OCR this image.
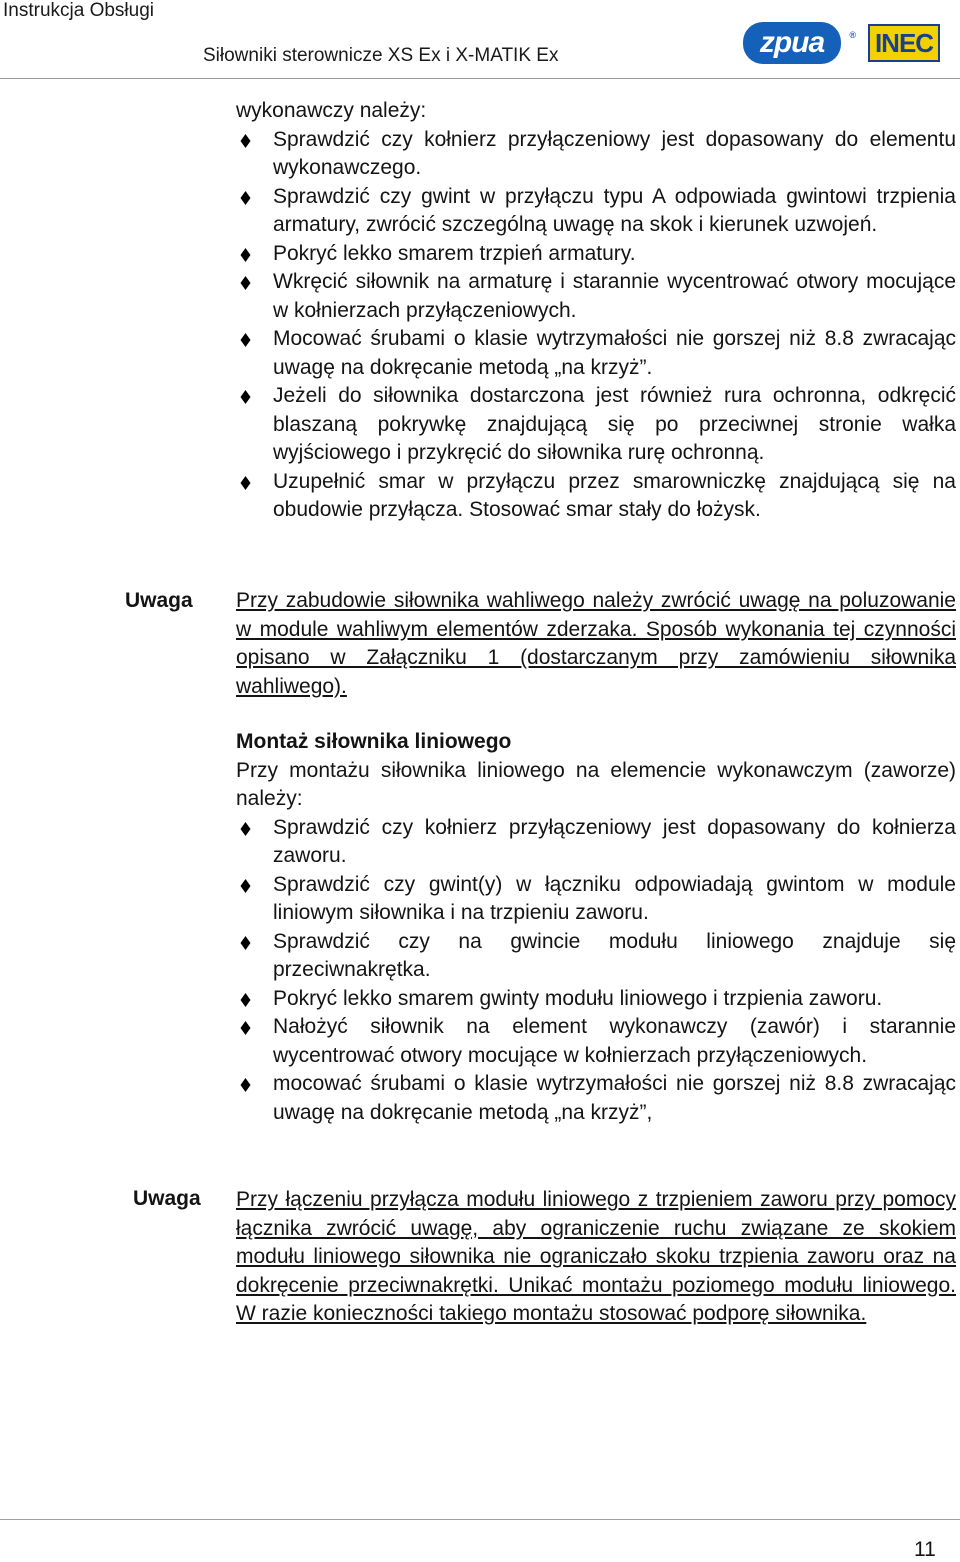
Instrukcja Obsługi
Siłowniki sterownicze XS Ex i X-MATIK Ex	zpua	® INEC

wykonawczy należy:

Sprawdzić czy kołnierz przyłączeniowy jest dopasowany do elementu wykonawczego.
Sprawdzić czy gwint w przyłączu typu A odpowiada gwintowi trzpienia armatury, zwrócić szczególną uwagę na skok i kierunek uzwojeń.
Pokryć lekko smarem trzpień armatury.
Wkręcić siłownik na armaturę i starannie wycentrować otwory mocujące w kołnierzach przyłączeniowych.
Mocować śrubami o klasie wytrzymałości nie gorszej niż 8.8 zwracając uwagę na dokręcanie metodą „na krzyż”.
Jeżeli do siłownika dostarczona jest również rura ochronna, odkręcić blaszaną pokrywkę znajdującą się po przeciwnej stronie wałka wyjściowego i przykręcić do siłownika rurę ochronną.
Uzupełnić smar w przyłączu przez smarowniczkę znajdującą się na obudowie przyłącza. Stosować smar stały do łożysk.
Uwaga Przy zabudowie siłownika wahliwego należy zwrócić uwagę na poluzowanie w module wahliwym elementów zderzaka. Sposób wykonania tej czynności opisano w Załączniku 1 (dostarczanym przy zamówieniu siłownika wahliwego).

Montaż siłownika liniowego

Przy montażu siłownika liniowego na elemencie wykonawczym (zaworze) należy:

Sprawdzić czy kołnierz przyłączeniowy jest dopasowany do kołnierza zaworu.
Sprawdzić czy gwint(y) w łączniku odpowiadają gwintom w module liniowym siłownika i na trzpieniu zaworu.
Sprawdzić czy na gwincie modułu liniowego znajduje się przeciwnakrętka.
Pokryć lekko smarem gwinty modułu liniowego i trzpienia zaworu.
Nałożyć siłownik na element wykonawczy (zawór) i starannie wycentrować otwory mocujące w kołnierzach przyłączeniowych.
mocować śrubami o klasie wytrzymałości nie gorszej niż 8.8 zwracając uwagę na dokręcanie metodą „na krzyż”,
Uwaga Przy łączeniu przyłącza modułu liniowego z trzpieniem zaworu przy pomocy łącznika zwrócić uwagę, aby ograniczenie ruchu związane ze skokiem modułu liniowego siłownika nie ograniczało skoku trzpienia zaworu oraz na dokręcenie przeciwnakrętki. Unikać montażu poziomego modułu liniowego. W razie konieczności takiego montażu stosować podporę siłownika.

11
